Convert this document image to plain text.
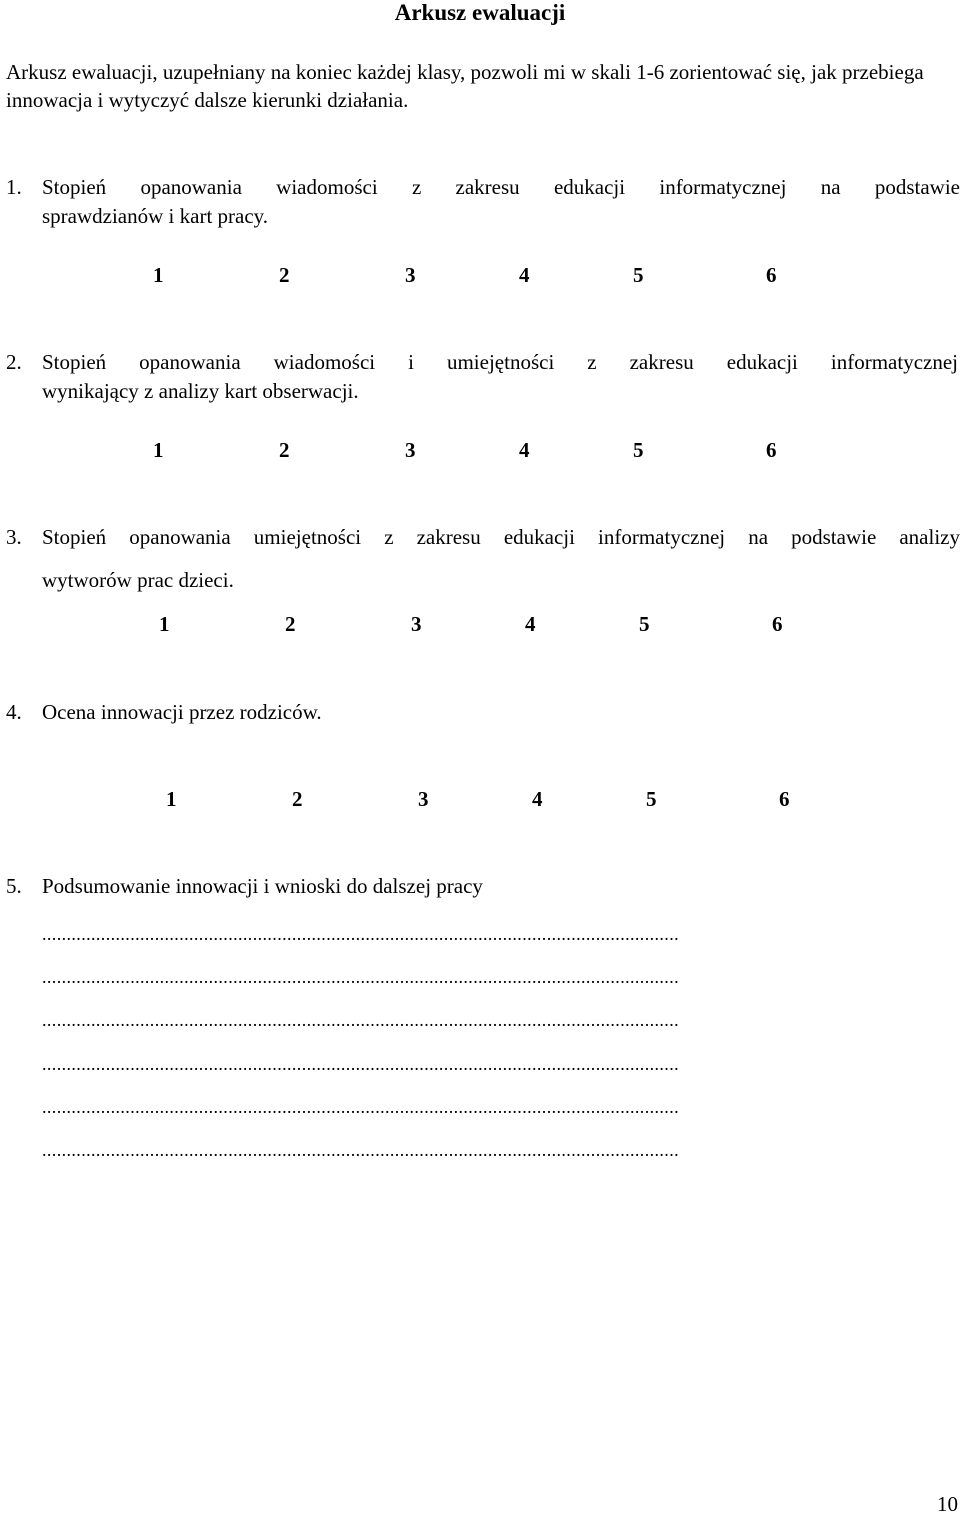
Arkusz ewaluacji
Arkusz ewaluacji, uzupełniany na koniec każdej klasy, pozwoli mi w skali 1-6 zorientować się, jak przebiega innowacja i wytyczyć dalsze kierunki działania.
1. Stopień opanowania wiadomości z zakresu edukacji informatycznej na podstawie
sprawdzianów i kart pracy.
1	2	3	4	5	6
2. Stopień opanowania wiadomości i umiejętności z zakresu edukacji informatycznej
wynikający z analizy kart obserwacji.
1	2	3	4	5	6
3. Stopień opanowania umiejętności z zakresu edukacji informatycznej na podstawie analizy
wytworów prac dzieci.
1	2	3	4	5	6
4. Ocena innowacji przez rodziców.
1	2	3	4	5	6
5. Podsumowanie innowacji i wnioski do dalszej pracy
..................................................................................................................................
..................................................................................................................................
..................................................................................................................................
..................................................................................................................................
..................................................................................................................................
..................................................................................................................................
10
